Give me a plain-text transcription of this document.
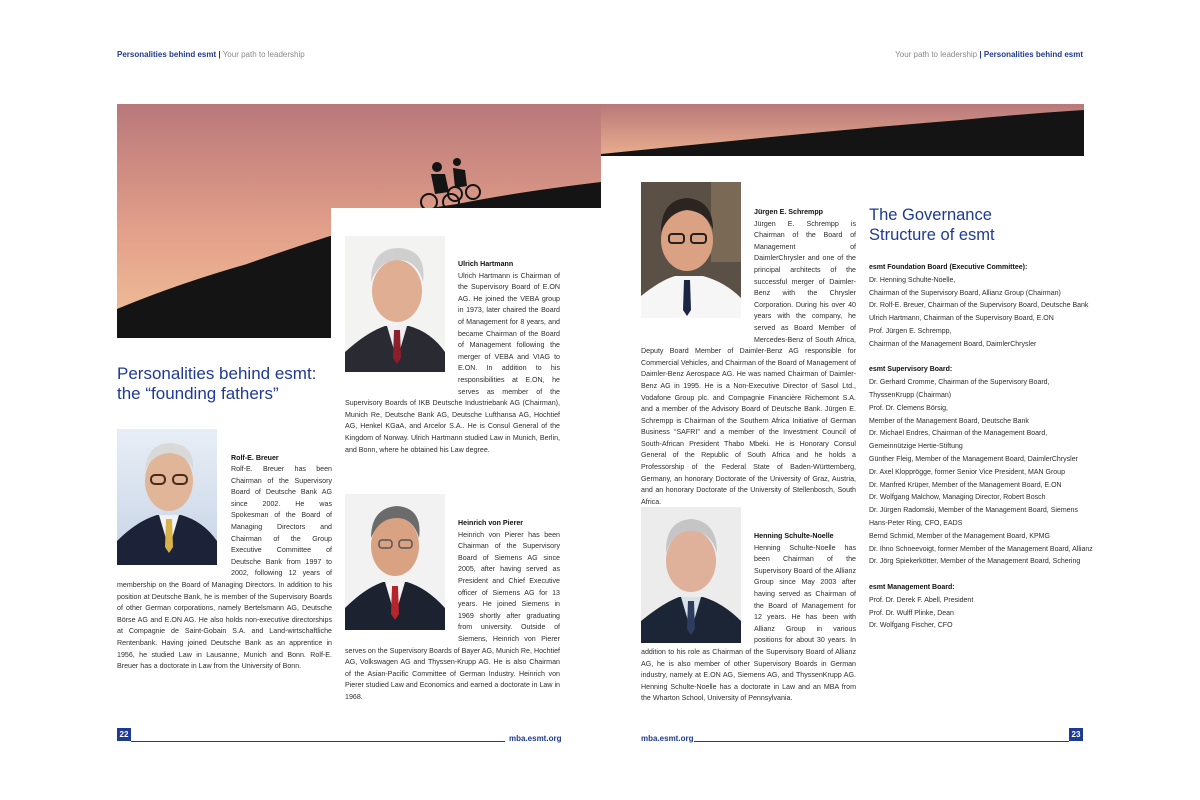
Personalities behind esmt | Your path to leadership	Your path to leadership | Personalities behind esmt
Personalities behind esmt:
the “founding fathers”
Rolf-E. Breuer
Rolf-E. Breuer has been Chairman of the Supervisory Board of Deutsche Bank AG since 2002. He was Spokesman of the Board of Managing Directors and Chairman of the Group Executive Committee of Deutsche Bank from 1997 to 2002, following 12 years of membership on the Board of Managing Directors. In addition to his position at Deutsche Bank, he is member of the Supervisory Boards of other German corporations, namely Bertelsmann AG, Deutsche Börse AG and E.ON AG. He also holds non-executive directorships at Compagnie de Saint-Gobain S.A. and Land-wirtschaftliche Rentenbank. Having joined Deutsche Bank as an apprentice in 1956, he studied Law in Lausanne, Munich and Bonn. Rolf-E. Breuer has a doctorate in Law from the University of Bonn.
Ulrich Hartmann
Ulrich Hartmann is Chairman of the Supervisory Board of E.ON AG. He joined the VEBA group in 1973, later chaired the Board of Management for 8 years, and became Chairman of the Board of Management following the merger of VEBA and VIAG to E.ON. In addition to his responsibilities at E.ON, he serves as member of the Supervisory Boards of IKB Deutsche Industriebank AG (Chairman), Munich Re, Deutsche Bank AG, Deutsche Lufthansa AG, Hochtief AG, Henkel KGaA, and Arcelor S.A.. He is Consul General of the Kingdom of Norway. Ulrich Hartmann studied Law in Munich, Berlin, and Bonn, where he obtained his Law degree.
Heinrich von Pierer
Heinrich von Pierer has been Chairman of the Supervisory Board of Siemens AG since 2005, after having served as President and Chief Executive officer of Siemens AG for 13 years. He joined Siemens in 1969 shortly after graduating from university. Outside of Siemens, Heinrich von Pierer serves on the Supervisory Boards of Bayer AG, Munich Re, Hochtief AG, Volkswagen AG and Thyssen-Krupp AG. He is also Chairman of the Asian-Pacific Committee of German Industry. Heinrich von Pierer studied Law and Economics and earned a doctorate in Law in 1968.
Jürgen E. Schrempp
Jürgen E. Schrempp is Chairman of the Board of Management of DaimlerChrysler and one of the principal architects of the successful merger of Daimler-Benz with the Chrysler Corporation. During his over 40 years with the company, he served as Board Member of Mercedes-Benz of South Africa, Deputy Board Member of Daimler-Benz AG responsible for Commercial Vehicles, and Chairman of the Board of Management of Daimler-Benz Aerospace AG. He was named Chairman of Daimler-Benz AG in 1995. He is a Non-Executive Director of Sasol Ltd., Vodafone Group plc. and Compagnie Financière Richemont S.A. and a member of the Advisory Board of Deutsche Bank. Jürgen E. Schrempp is Chairman of the Southern Africa Initiative of German Business “SAFRI” and a member of the Investment Council of South-African President Thabo Mbeki. He is Honorary Consul General of the Republic of South Africa and he holds a Professorship of the Federal State of Baden-Württemberg, Germany, an honorary Doctorate of the University of Graz, Austria, and an honorary Doctorate of the University of Stellenbosch, South Africa.
Henning Schulte-Noelle
Henning Schulte-Noelle has been Chairman of the Supervisory Board of the Allianz Group since May 2003 after having served as Chairman of the Board of Management for 12 years. He has been with Allianz Group in various positions for about 30 years. In addition to his role as Chairman of the Supervisory Board of Allianz AG, he is also member of other Supervisory Boards in German industry, namely at E.ON AG, Siemens AG, and ThyssenKrupp AG. Henning Schulte-Noelle has a doctorate in Law and an MBA from the Wharton School, University of Pennsylvania.
The Governance
Structure of esmt
esmt Foundation Board (Executive Committee):
Dr. Henning Schulte-Noelle,
Chairman of the Supervisory Board, Allianz Group (Chairman)
Dr. Rolf-E. Breuer, Chairman of the Supervisory Board, Deutsche Bank
Ulrich Hartmann, Chairman of the Supervisory Board, E.ON
Prof. Jürgen E. Schrempp,
Chairman of the Management Board, DaimlerChrysler
esmt Supervisory Board:
Dr. Gerhard Cromme, Chairman of the Supervisory Board,
ThyssenKrupp (Chairman)
Prof. Dr. Clemens Börsig,
Member of the Management Board, Deutsche Bank
Dr. Michael Endres, Chairman of the Management Board,
Gemeinnützige Hertie-Stiftung
Günther Fleig, Member of the Management Board, DaimlerChrysler
Dr. Axel Klopprögge, former Senior Vice President, MAN Group
Dr. Manfred Krüper, Member of the Management Board, E.ON
Dr. Wolfgang Malchow, Managing Director, Robert Bosch
Dr. Jürgen Radomski, Member of the Management Board, Siemens
Hans-Peter Ring, CFO, EADS
Bernd Schmid, Member of the Management Board, KPMG
Dr. Ihno Schneevoigt, former Member of the Management Board, Allianz
Dr. Jörg Spiekerkötter, Member of the Management Board, Schering
esmt Management Board:
Prof. Dr. Derek F. Abell, President
Prof. Dr. Wulff Plinke, Dean
Dr. Wolfgang Fischer, CFO
22	mba.esmt.org	mba.esmt.org	23
